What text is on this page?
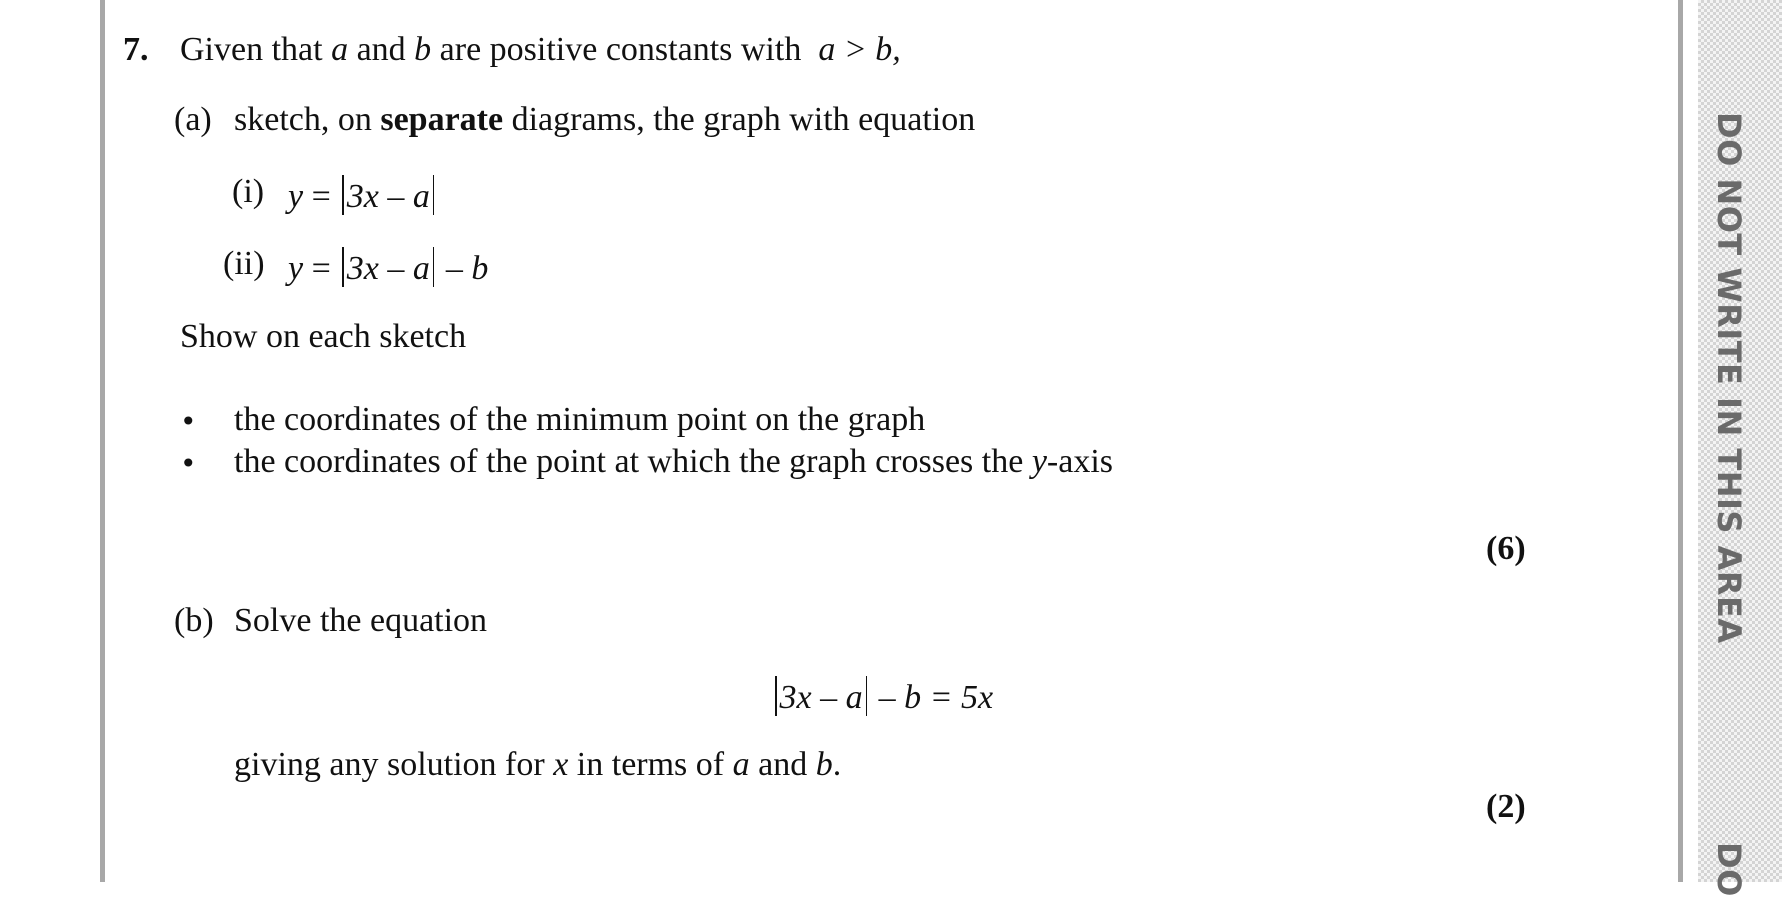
DO NOT WRITE IN THIS AREA
DO
7. Given that a and b are positive constants with a > b,
(a) sketch, on separate diagrams, the graph with equation
(i) y = 3x – a
(ii) y = 3x – a – b
Show on each sketch
• the coordinates of the minimum point on the graph
• the coordinates of the point at which the graph crosses the y-axis
(6)
(b) Solve the equation
3x – a – b = 5x
giving any solution for x in terms of a and b.
(2)
